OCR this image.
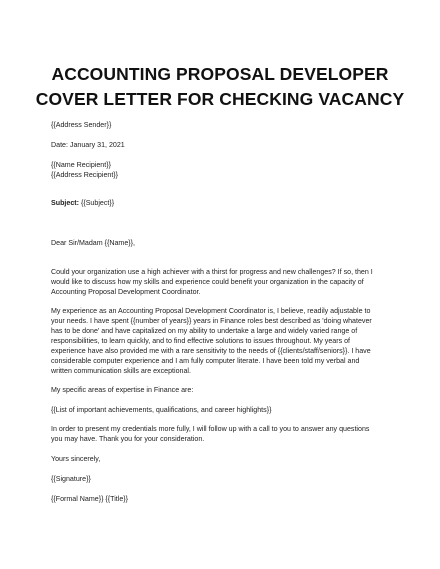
ACCOUNTING PROPOSAL DEVELOPER
COVER LETTER FOR CHECKING VACANCY
{{Address Sender}}
Date: January 31, 2021
{{Name Recipient}}
{{Address Recipient}}
Subject: {{Subject}}
Dear Sir/Madam {{Name}},
Could your organization use a high achiever with a thirst for progress and new challenges? If so, then I
would like to discuss how my skills and experience could benefit your organization in the capacity of
Accounting Proposal Development Coordinator.
My experience as an Accounting Proposal Development Coordinator is, I believe, readily adjustable to
your needs. I have spent {{number of years}} years in Finance roles best described as 'doing whatever
has to be done' and have capitalized on my ability to undertake a large and widely varied range of
responsibilities, to learn quickly, and to find effective solutions to issues throughout. My years of
experience have also provided me with a rare sensitivity to the needs of {{clients/staff/seniors}}. I have
considerable computer experience and I am fully computer literate. I have been told my verbal and
written communication skills are exceptional.
My specific areas of expertise in Finance are:
{{List of important achievements, qualifications, and career highlights}}
In order to present my credentials more fully, I will follow up with a call to you to answer any questions
you may have. Thank you for your consideration.
Yours sincerely,
{{Signature}}
{{Formal Name}} {{Title}}
